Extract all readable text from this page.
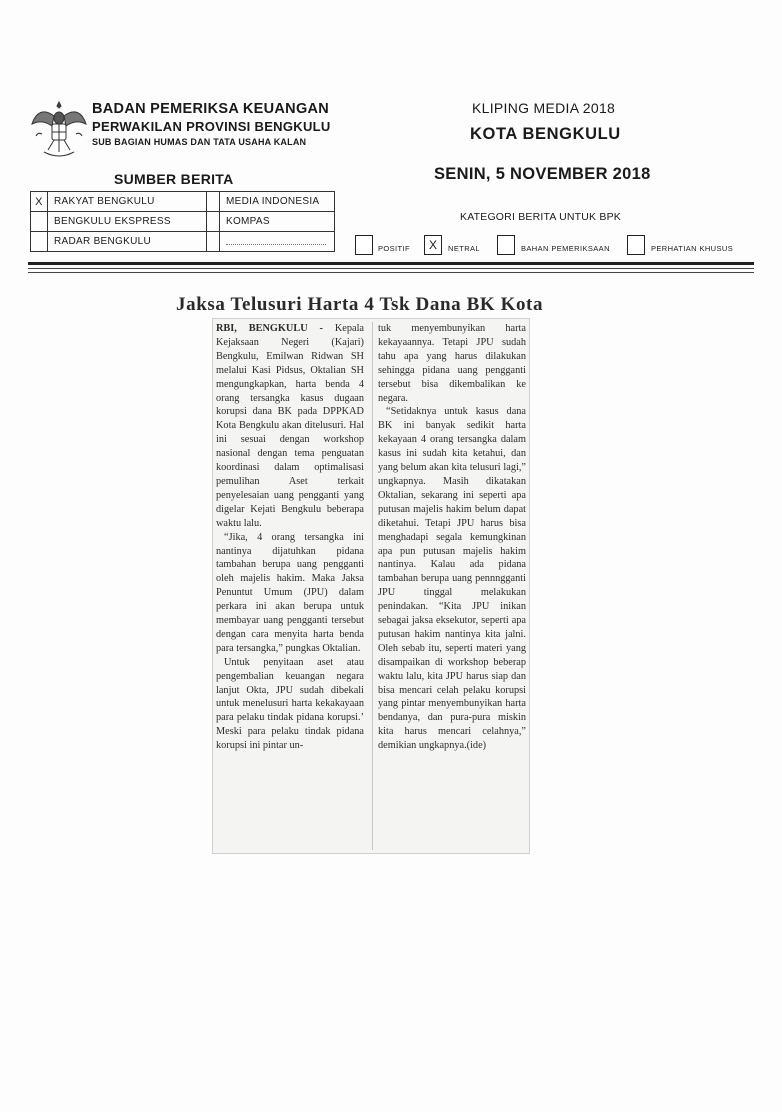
BADAN PEMERIKSA KEUANGAN
PERWAKILAN PROVINSI BENGKULU
SUB BAGIAN HUMAS DAN TATA USAHA KALAN
KLIPING MEDIA 2018
KOTA BENGKULU
SENIN, 5 NOVEMBER 2018
SUMBER BERITA
X	RAKYAT BENGKULU		MEDIA INDONESIA
	BENGKULU EKSPRESS		KOMPAS
	RADAR BENGKULU		
KATEGORI BERITA UNTUK BPK
POSITIF	X	NETRAL	BAHAN PEMERIKSAAN	PERHATIAN KHUSUS
Jaksa Telusuri Harta 4 Tsk Dana BK Kota

RBI, BENGKULU - Kepala Kejaksaan Negeri (Kajari) Bengkulu, Emilwan Ridwan SH melalui Kasi Pidsus, Oktalian SH mengungkapkan, harta benda 4 orang tersangka kasus dugaan korupsi dana BK pada DPPKAD Kota Bengkulu akan ditelusuri. Hal ini sesuai dengan workshop nasional dengan tema penguatan koordinasi dalam optimalisasi pemulihan Aset terkait penyelesaian uang pengganti yang digelar Kejati Bengkulu beberapa waktu lalu.

“Jika, 4 orang tersangka ini nantinya dijatuhkan pidana tambahan berupa uang pengganti oleh majelis hakim. Maka Jaksa Penuntut Umum (JPU) dalam perkara ini akan berupa untuk membayar uang pengganti tersebut dengan cara menyita harta benda para tersangka,” pungkas Oktalian.

Untuk penyitaan aset atau pengembalian keuangan negara lanjut Okta, JPU sudah dibekali untuk menelusuri harta kekakayaan para pelaku tindak pidana korupsi.’ Meski para pelaku tindak pidana korupsi ini pintar un-

tuk menyembunyikan harta kekayaannya. Tetapi JPU sudah tahu apa yang harus dilakukan sehingga pidana uang pengganti tersebut bisa dikembalikan ke negara.

“Setidaknya untuk kasus dana BK ini banyak sedikit harta kekayaan 4 orang tersangka dalam kasus ini sudah kita ketahui, dan yang belum akan kita telusuri lagi,” ungkapnya. Masih dikatakan Oktalian, sekarang ini seperti apa putusan majelis hakim belum dapat diketahui. Tetapi JPU harus bisa menghadapi segala kemungkinan apa pun putusan majelis hakim nantinya. Kalau ada pidana tambahan berupa uang pennngganti JPU tinggal melakukan penindakan. “Kita JPU inikan sebagai jaksa eksekutor, seperti apa putusan hakim nantinya kita jalni. Oleh sebab itu, seperti materi yang disampaikan di workshop beberap waktu lalu, kita JPU harus siap dan bisa mencari celah pelaku korupsi yang pintar menyembunyikan harta bendanya, dan pura-pura miskin kita harus mencari celahnya,” demikian ungkapnya.(ide)
